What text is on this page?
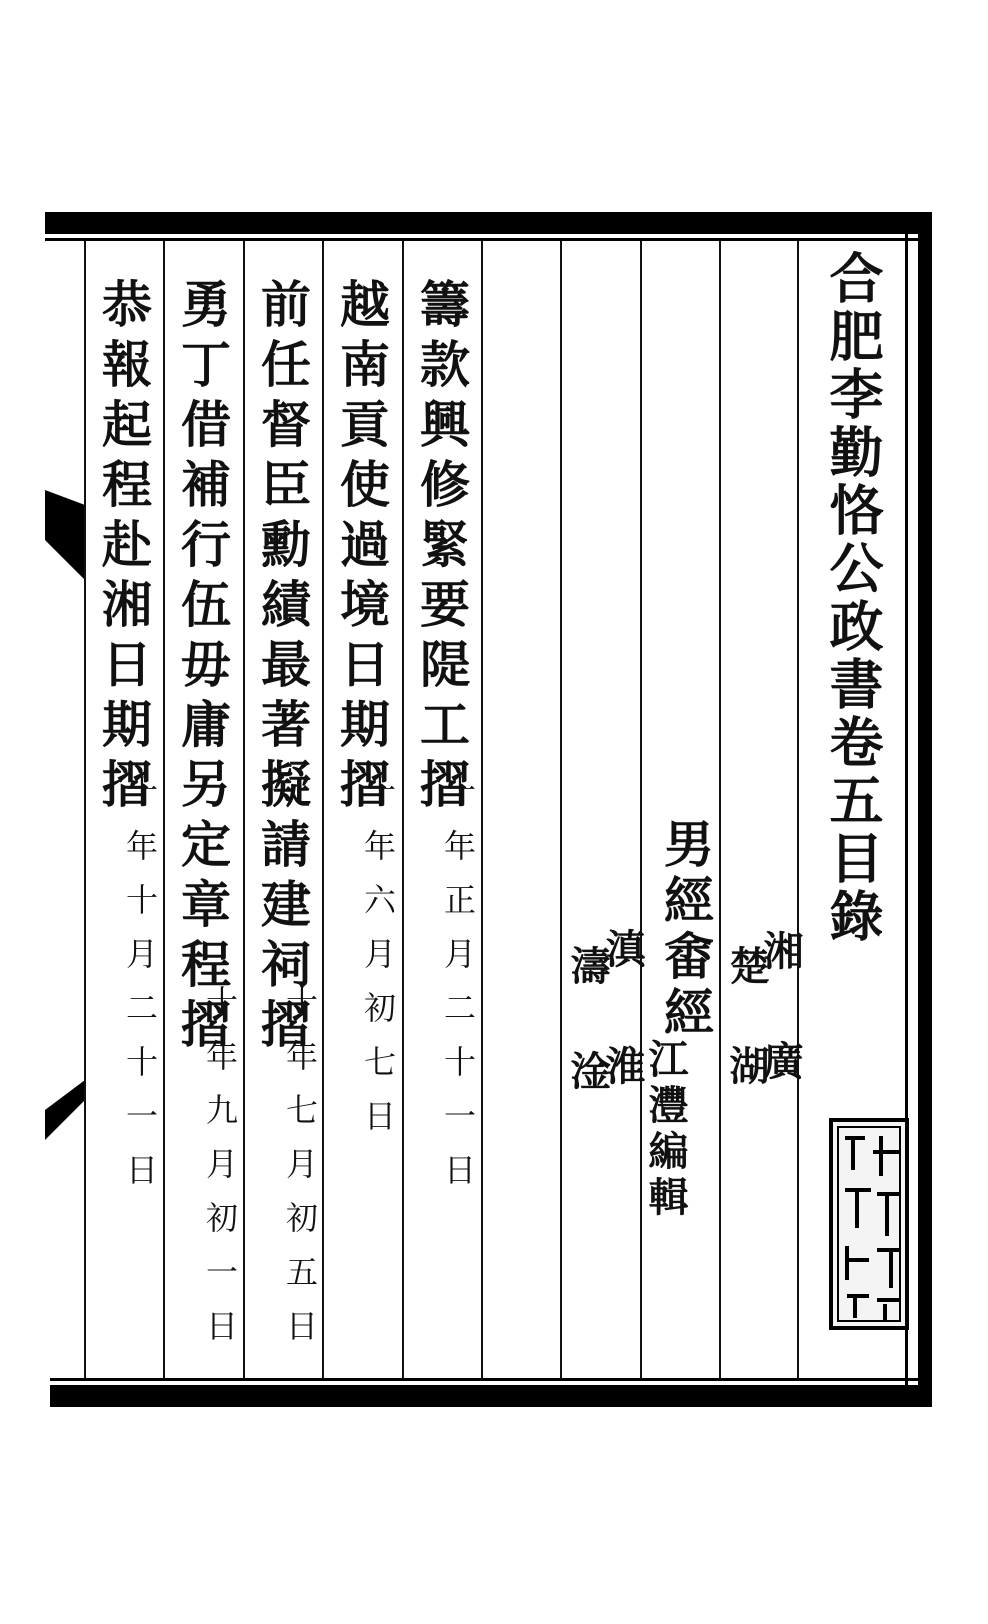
合肥李勤恪公政書卷五目錄
湘
廣
楚
湖
男經畬經
江灃編輯
滇
淮
濤
淦
籌款興修緊要隄工摺
十年正月二十一日
越南貢使過境日期摺
十年六月初七日
前任督臣勳績最著擬請建祠摺
十年七月初五日
勇丁借補行伍毋庸另定章程摺
十年九月初一日
恭報起程赴湘日期摺
十年十月二十一日
